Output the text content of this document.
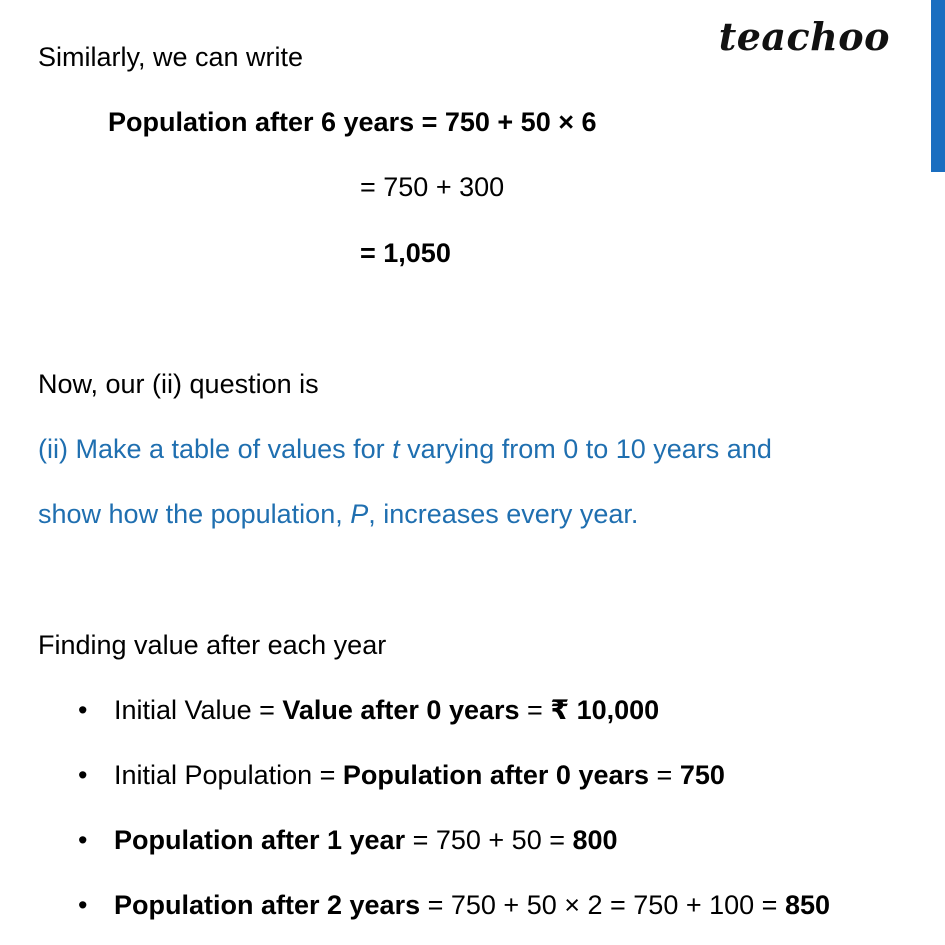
teachoo
Similarly, we can write
Population after 6 years = 750 + 50 × 6
= 750 + 300
= 1,050
Now, our (ii) question is
(ii) Make a table of values for t varying from 0 to 10 years and
show how the population, P, increases every year.
Finding value after each year
• Initial Value = Value after 0 years = ₹ 10,000
• Initial Population = Population after 0 years = 750
• Population after 1 year = 750 + 50 = 800
• Population after 2 years = 750 + 50 × 2 = 750 + 100 = 850
